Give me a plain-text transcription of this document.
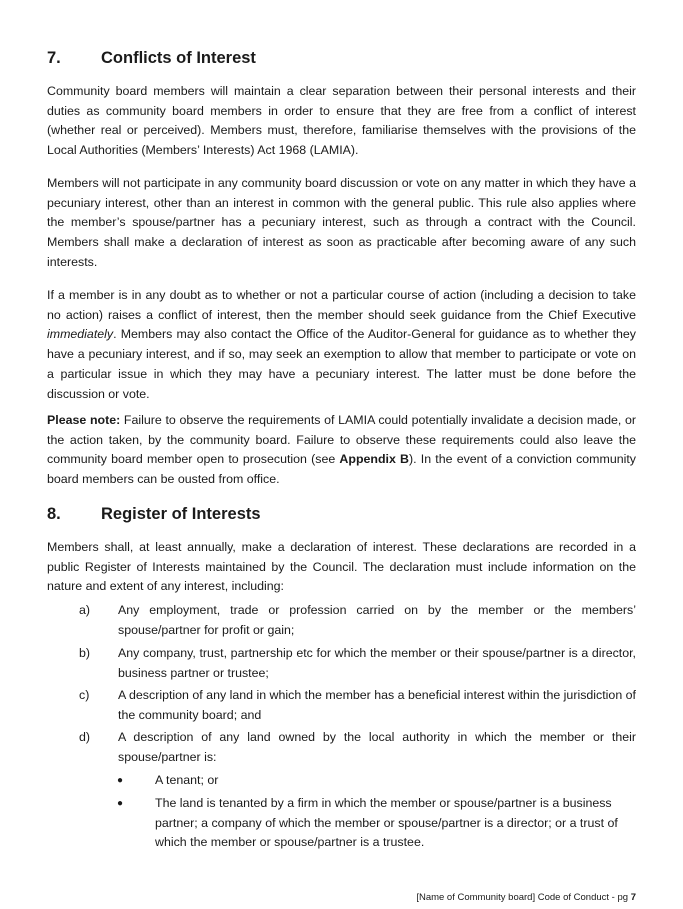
7. Conflicts of Interest

Community board members will maintain a clear separation between their personal interests and their duties as community board members in order to ensure that they are free from a conflict of interest (whether real or perceived). Members must, therefore, familiarise themselves with the provisions of the Local Authorities (Members’ Interests) Act 1968 (LAMIA).

Members will not participate in any community board discussion or vote on any matter in which they have a pecuniary interest, other than an interest in common with the general public. This rule also applies where the member’s spouse/partner has a pecuniary interest, such as through a contract with the Council. Members shall make a declaration of interest as soon as practicable after becoming aware of any such interests.

If a member is in any doubt as to whether or not a particular course of action (including a decision to take no action) raises a conflict of interest, then the member should seek guidance from the Chief Executive immediately. Members may also contact the Office of the Auditor-General for guidance as to whether they have a pecuniary interest, and if so, may seek an exemption to allow that member to participate or vote on a particular issue in which they may have a pecuniary interest. The latter must be done before the discussion or vote.

Please note: Failure to observe the requirements of LAMIA could potentially invalidate a decision made, or the action taken, by the community board. Failure to observe these requirements could also leave the community board member open to prosecution (see Appendix B). In the event of a conviction community board members can be ousted from office.

8. Register of Interests

Members shall, at least annually, make a declaration of interest. These declarations are recorded in a public Register of Interests maintained by the Council. The declaration must include information on the nature and extent of any interest, including:

a) Any employment, trade or profession carried on by the member or the members’ spouse/partner for profit or gain;
b) Any company, trust, partnership etc for which the member or their spouse/partner is a director, business partner or trustee;
c) A description of any land in which the member has a beneficial interest within the jurisdiction of the community board; and
d) A description of any land owned by the local authority in which the member or their spouse/partner is:
●	A tenant; or
●	The land is tenanted by a firm in which the member or spouse/partner is a business partner; a company of which the member or spouse/partner is a director; or a trust of which the member or spouse/partner is a trustee.

[Name of Community board] Code of Conduct - pg 7
